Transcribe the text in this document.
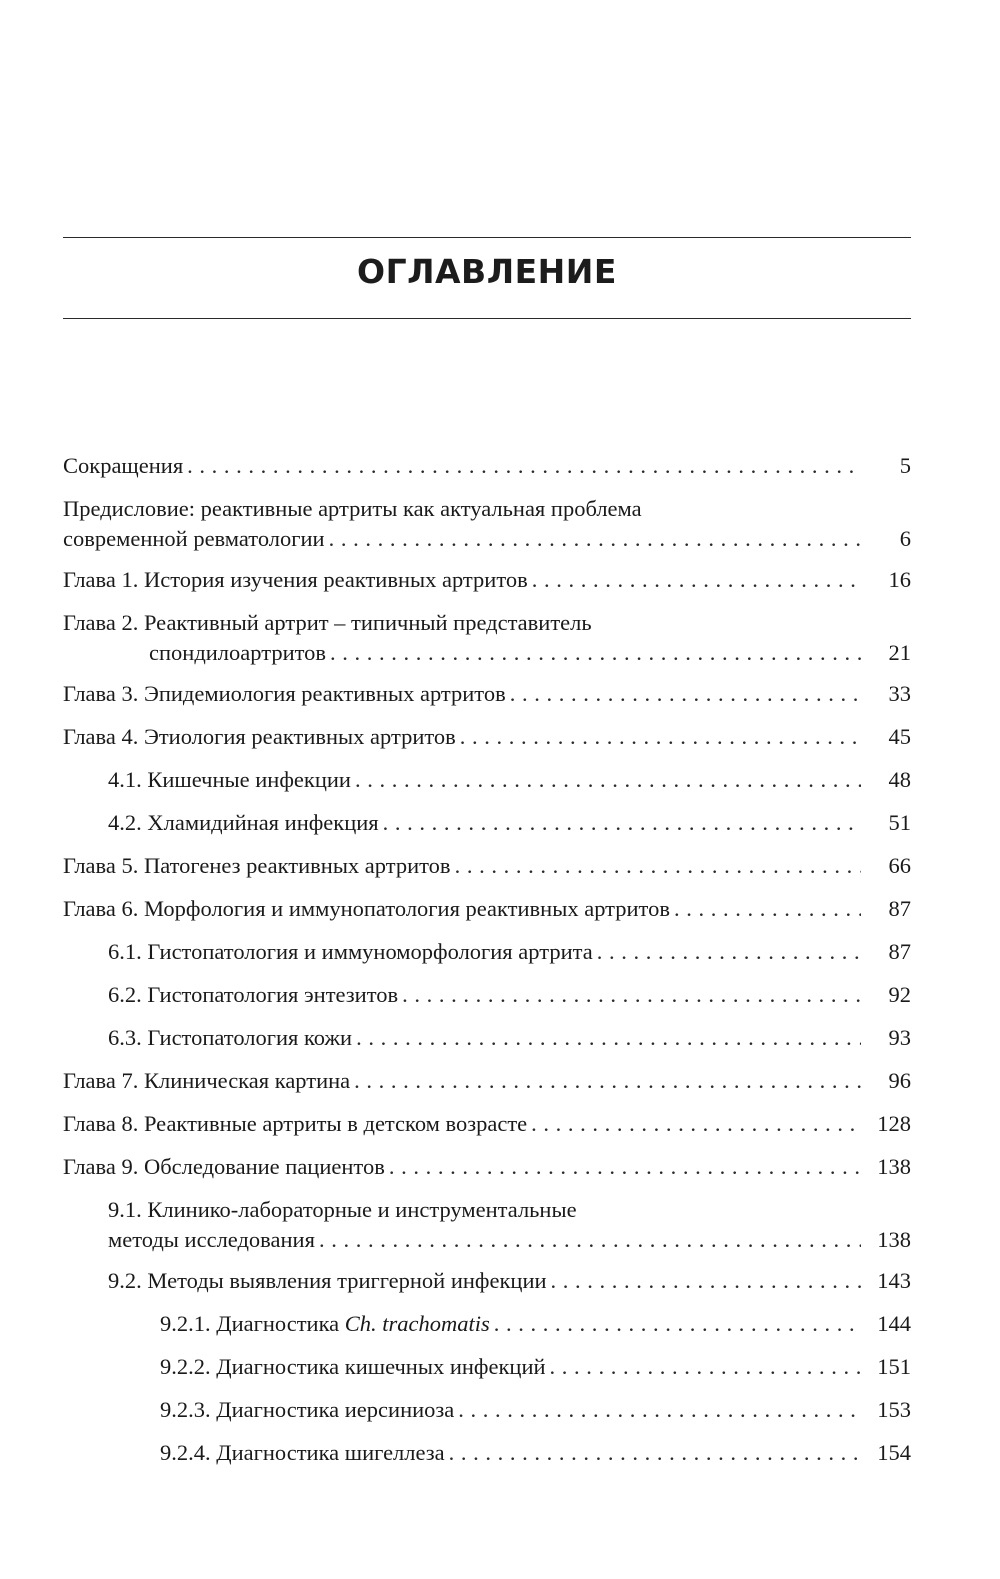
ОГЛАВЛЕНИЕ
Сокращения . . .	5
Предисловие: реактивные артриты как актуальная проблема
современной ревматологии . . .	6
Глава 1. История изучения реактивных артритов . . .	16
Глава 2. Реактивный артрит – типичный представитель
спондилоартритов . . .	21
Глава 3. Эпидемиология реактивных артритов . . .	33
Глава 4. Этиология реактивных артритов . . .	45
4.1. Кишечные инфекции . . .	48
4.2. Хламидийная инфекция . . .	51
Глава 5. Патогенез реактивных артритов . . .	66
Глава 6. Морфология и иммунопатология реактивных артритов . . .	87
6.1. Гистопатология и иммуноморфология артрита . . .	87
6.2. Гистопатология энтезитов . . .	92
6.3. Гистопатология кожи . . .	93
Глава 7. Клиническая картина . . .	96
Глава 8. Реактивные артриты в детском возрасте . . .	128
Глава 9. Обследование пациентов . . .	138
9.1. Клинико-лабораторные и инструментальные
методы исследования . . .	138
9.2. Методы выявления триггерной инфекции . . .	143
9.2.1. Диагностика Ch. trachomatis . . .	144
9.2.2. Диагностика кишечных инфекций . . .	151
9.2.3. Диагностика иерсиниоза . . .	153
9.2.4. Диагностика шигеллеза . . .	154
